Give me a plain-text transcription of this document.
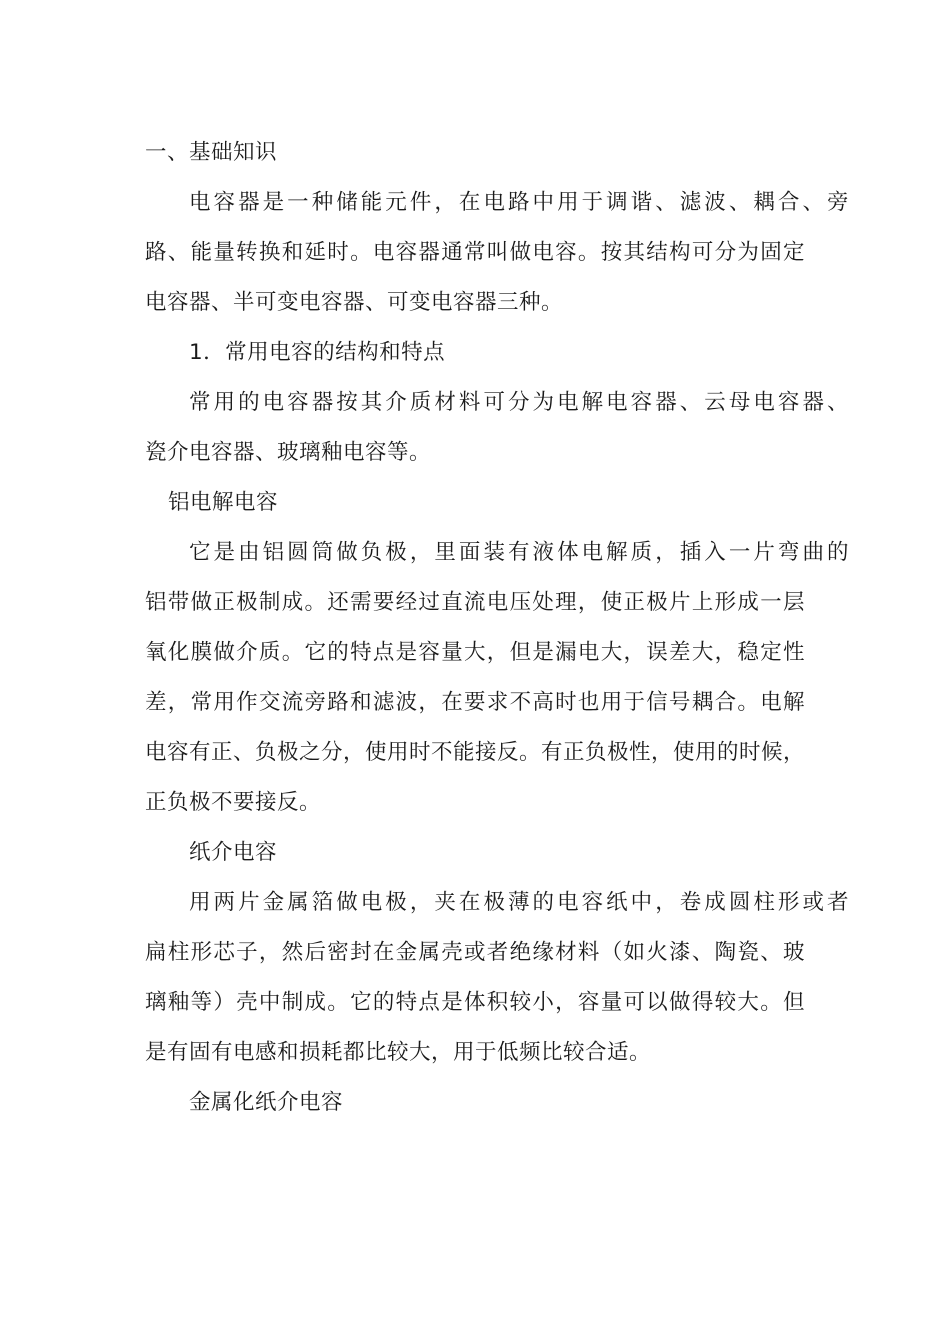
一、基础知识
电容器是一种储能元件，在电路中用于调谐、滤波、耦合、旁
路、能量转换和延时。电容器通常叫做电容。按其结构可分为固定
电容器、半可变电容器、可变电容器三种。
1．常用电容的结构和特点
常用的电容器按其介质材料可分为电解电容器、云母电容器、
瓷介电容器、玻璃釉电容等。
铝电解电容
它是由铝圆筒做负极，里面装有液体电解质，插入一片弯曲的
铝带做正极制成。还需要经过直流电压处理，使正极片上形成一层
氧化膜做介质。它的特点是容量大，但是漏电大，误差大，稳定性
差，常用作交流旁路和滤波，在要求不高时也用于信号耦合。电解
电容有正、负极之分，使用时不能接反。有正负极性，使用的时候，
正负极不要接反。
纸介电容
用两片金属箔做电极，夹在极薄的电容纸中，卷成圆柱形或者
扁柱形芯子，然后密封在金属壳或者绝缘材料（如火漆、陶瓷、玻
璃釉等）壳中制成。它的特点是体积较小，容量可以做得较大。但
是有固有电感和损耗都比较大，用于低频比较合适。
金属化纸介电容
